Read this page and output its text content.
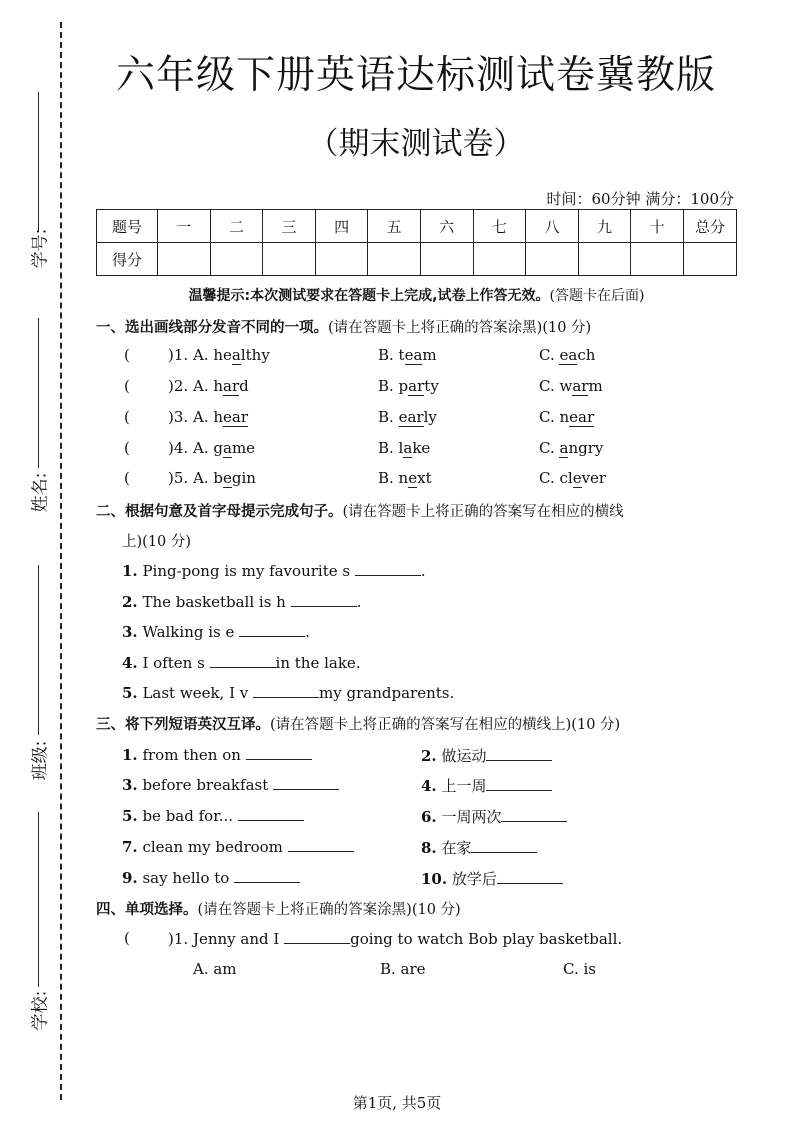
学号:
姓名:
班级:
学校:
六年级下册英语达标测试卷冀教版
（期末测试卷）
时间：60分钟 满分：100分
题号	一	二	三	四	五	六	七	八	九	十	总分
得分											
温馨提示:本次测试要求在答题卡上完成,试卷上作答无效。(答题卡在后面)
一、选出画线部分发音不同的一项。(请在答题卡上将正确的答案涂黑)(10 分)
(	)1. A. healthy	B. team	C. each
(	)2. A. hard	B. party	C. warm
(	)3. A. hear	B. early	C. near
(	)4. A. game	B. lake	C. angry
(	)5. A. begin	B. next	C. clever
二、根据句意及首字母提示完成句子。(请在答题卡上将正确的答案写在相应的横线
上)(10 分)
1. Ping-pong is my favourite s	.
2. The basketball is h	.
3. Walking is e	.
4. I often s	in the lake.
5. Last week, I v	my grandparents.
三、将下列短语英汉互译。(请在答题卡上将正确的答案写在相应的横线上)(10 分)
1. from then on	2. 做运动
3. before breakfast	4. 上一周
5. be bad for...	6. 一周两次
7. clean my bedroom	8. 在家
9. say hello to	10. 放学后
四、单项选择。(请在答题卡上将正确的答案涂黑)(10 分)
(	)1. Jenny and I	going to watch Bob play basketball.
A. am	B. are	C. is
第1页, 共5页
